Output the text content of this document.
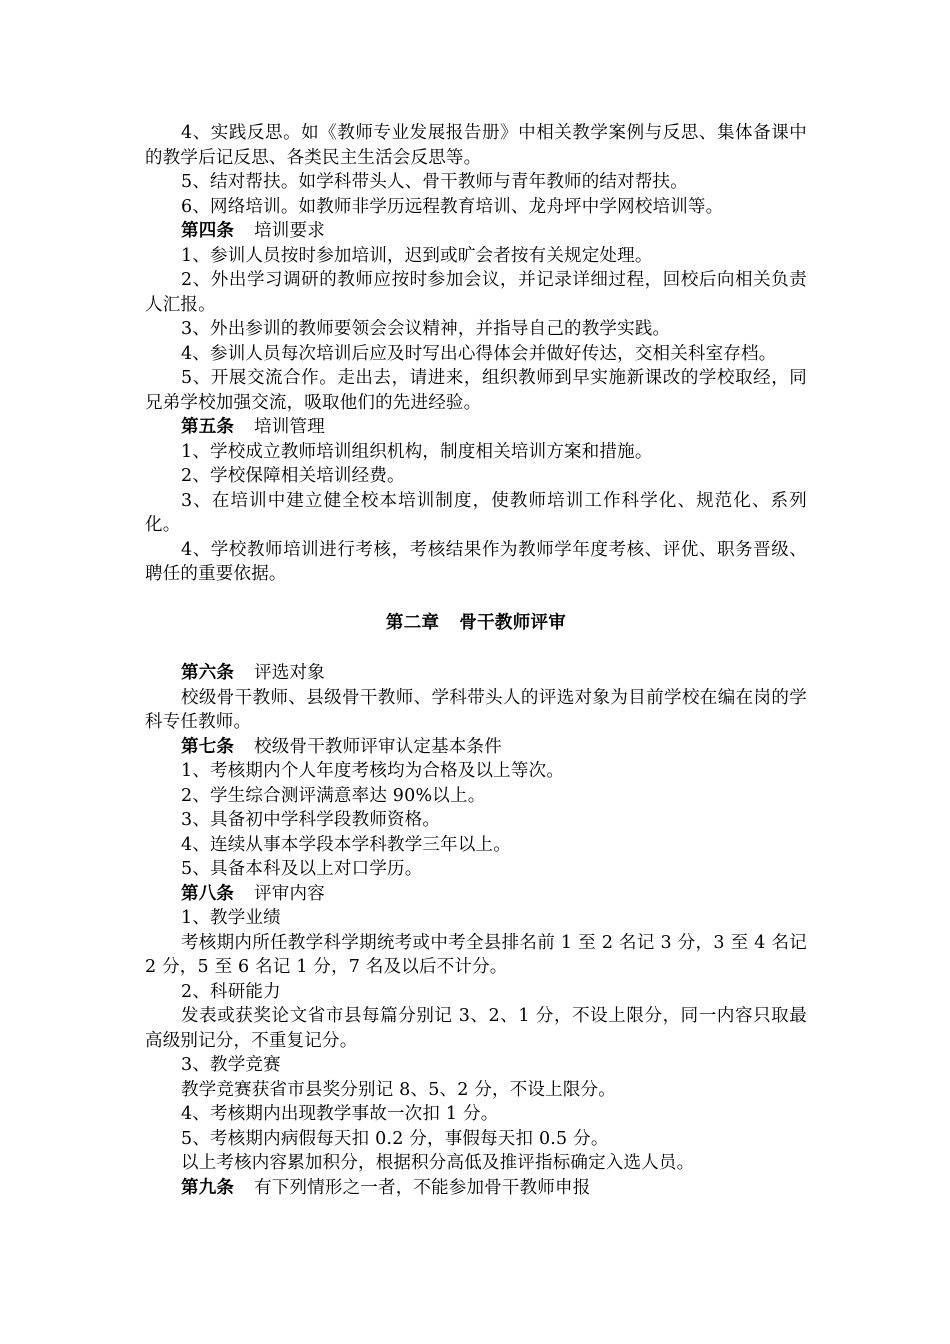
4、实践反思。如《教师专业发展报告册》中相关教学案例与反思、集体备课中的教学后记反思、各类民主生活会反思等。

5、结对帮扶。如学科带头人、骨干教师与青年教师的结对帮扶。

6、网络培训。如教师非学历远程教育培训、龙舟坪中学网校培训等。

第四条 培训要求

1、参训人员按时参加培训，迟到或旷会者按有关规定处理。

2、外出学习调研的教师应按时参加会议，并记录详细过程，回校后向相关负责人汇报。

3、外出参训的教师要领会会议精神，并指导自己的教学实践。

4、参训人员每次培训后应及时写出心得体会并做好传达，交相关科室存档。

5、开展交流合作。走出去，请进来，组织教师到早实施新课改的学校取经，同兄弟学校加强交流，吸取他们的先进经验。

第五条 培训管理

1、学校成立教师培训组织机构，制度相关培训方案和措施。

2、学校保障相关培训经费。

3、在培训中建立健全校本培训制度，使教师培训工作科学化、规范化、系列化。

4、学校教师培训进行考核，考核结果作为教师学年度考核、评优、职务晋级、聘任的重要依据。

第二章 骨干教师评审

第六条 评选对象

校级骨干教师、县级骨干教师、学科带头人的评选对象为目前学校在编在岗的学科专任教师。

第七条 校级骨干教师评审认定基本条件

1、考核期内个人年度考核均为合格及以上等次。

2、学生综合测评满意率达 90%以上。

3、具备初中学科学段教师资格。

4、连续从事本学段本学科教学三年以上。

5、具备本科及以上对口学历。

第八条 评审内容

1、教学业绩

考核期内所任教学科学期统考或中考全县排名前 1 至 2 名记 3 分，3 至 4 名记 2 分，5 至 6 名记 1 分，7 名及以后不计分。

2、科研能力

发表或获奖论文省市县每篇分别记 3、2、1 分，不设上限分，同一内容只取最高级别记分，不重复记分。

3、教学竞赛

教学竞赛获省市县奖分别记 8、5、2 分，不设上限分。

4、考核期内出现教学事故一次扣 1 分。

5、考核期内病假每天扣 0.2 分，事假每天扣 0.5 分。

以上考核内容累加积分，根据积分高低及推评指标确定入选人员。

第九条 有下列情形之一者，不能参加骨干教师申报
